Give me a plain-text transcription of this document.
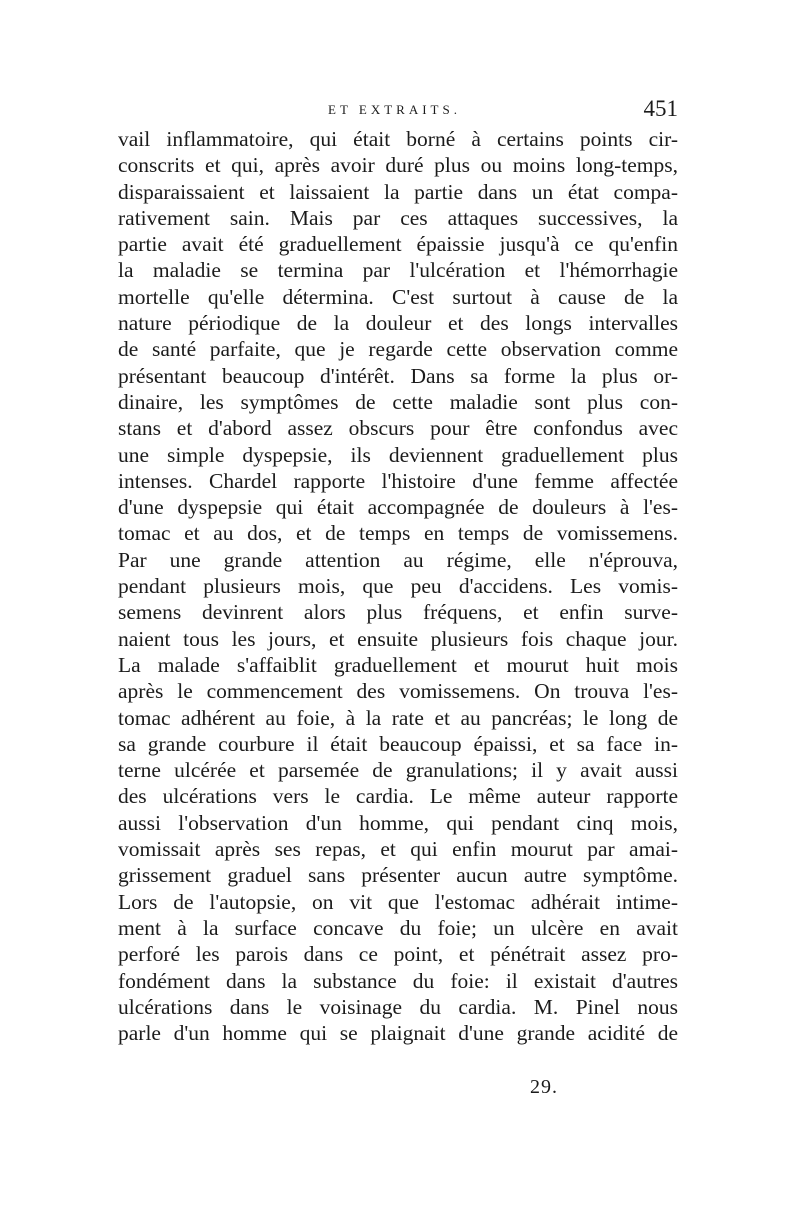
ET EXTRAITS.	451
vail inflammatoire, qui était borné à certains points cir-
conscrits et qui, après avoir duré plus ou moins long-temps,
disparaissaient et laissaient la partie dans un état compa-
rativement sain. Mais par ces attaques successives, la
partie avait été graduellement épaissie jusqu'à ce qu'enfin
la maladie se termina par l'ulcération et l'hémorrhagie
mortelle qu'elle détermina. C'est surtout à cause de la
nature périodique de la douleur et des longs intervalles
de santé parfaite, que je regarde cette observation comme
présentant beaucoup d'intérêt. Dans sa forme la plus or-
dinaire, les symptômes de cette maladie sont plus con-
stans et d'abord assez obscurs pour être confondus avec
une simple dyspepsie, ils deviennent graduellement plus
intenses. Chardel rapporte l'histoire d'une femme affectée
d'une dyspepsie qui était accompagnée de douleurs à l'es-
tomac et au dos, et de temps en temps de vomissemens.
Par une grande attention au régime, elle n'éprouva,
pendant plusieurs mois, que peu d'accidens. Les vomis-
semens devinrent alors plus fréquens, et enfin surve-
naient tous les jours, et ensuite plusieurs fois chaque jour.
La malade s'affaiblit graduellement et mourut huit mois
après le commencement des vomissemens. On trouva l'es-
tomac adhérent au foie, à la rate et au pancréas; le long de
sa grande courbure il était beaucoup épaissi, et sa face in-
terne ulcérée et parsemée de granulations; il y avait aussi
des ulcérations vers le cardia. Le même auteur rapporte
aussi l'observation d'un homme, qui pendant cinq mois,
vomissait après ses repas, et qui enfin mourut par amai-
grissement graduel sans présenter aucun autre symptôme.
Lors de l'autopsie, on vit que l'estomac adhérait intime-
ment à la surface concave du foie; un ulcère en avait
perforé les parois dans ce point, et pénétrait assez pro-
fondément dans la substance du foie: il existait d'autres
ulcérations dans le voisinage du cardia. M. Pinel nous
parle d'un homme qui se plaignait d'une grande acidité de
29.
